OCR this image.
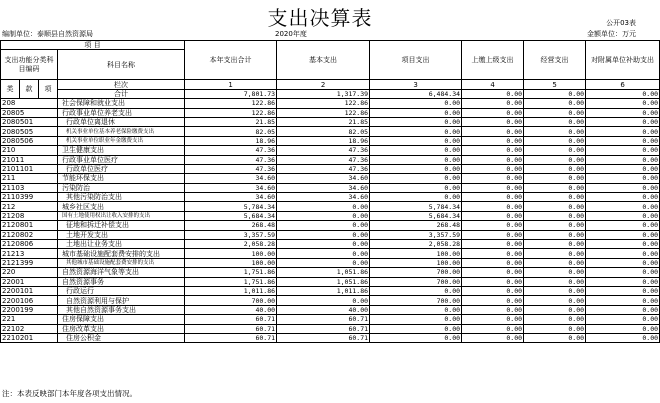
支出决算表	公开03表
编制单位：泰顺县自然资源局	2020年度	金额单位：万元
项 目				本年支出合计	基本支出	项目支出	上缴上级支出	经营支出	对附属单位补助支出
支出功能分类科目编码			科目名称						

类	款	项	栏次	1	2	3	4	5	6
			合计	7,801.73	1,317.39	6,484.34	0.00	0.00	0.00
208			社会保障和就业支出	122.86	122.86	0.00	0.00	0.00	0.00
20805			行政事业单位养老支出	122.86	122.86	0.00	0.00	0.00	0.00
2080501			行政单位离退休	21.85	21.85	0.00	0.00	0.00	0.00
2080505			机关事业单位基本养老保险缴费支出	82.05	82.05	0.00	0.00	0.00	0.00
2080506			机关事业单位职业年金缴费支出	18.96	18.96	0.00	0.00	0.00	0.00
210			卫生健康支出	47.36	47.36	0.00	0.00	0.00	0.00
21011			行政事业单位医疗	47.36	47.36	0.00	0.00	0.00	0.00
2101101			行政单位医疗	47.36	47.36	0.00	0.00	0.00	0.00
211			节能环保支出	34.60	34.60	0.00	0.00	0.00	0.00
21103			污染防治	34.60	34.60	0.00	0.00	0.00	0.00
2110399			其他污染防治支出	34.60	34.60	0.00	0.00	0.00	0.00
212			城乡社区支出	5,784.34	0.00	5,784.34	0.00	0.00	0.00
21208			国有土地使用权出让收入安排的支出	5,684.34	0.00	5,684.34	0.00	0.00	0.00
2120801			征地和拆迁补偿支出	268.48	0.00	268.48	0.00	0.00	0.00
2120802			土地开发支出	3,357.59	0.00	3,357.59	0.00	0.00	0.00
2120806			土地出让业务支出	2,058.28	0.00	2,058.28	0.00	0.00	0.00
21213			城市基础设施配套费安排的支出	100.00	0.00	100.00	0.00	0.00	0.00
2121399			其他城市基础设施配套费安排的支出	100.00	0.00	100.00	0.00	0.00	0.00
220			自然资源海洋气象等支出	1,751.86	1,051.86	700.00	0.00	0.00	0.00
22001			自然资源事务	1,751.86	1,051.86	700.00	0.00	0.00	0.00
2200101			行政运行	1,011.86	1,011.86	0.00	0.00	0.00	0.00
2200106			自然资源利用与保护	700.00	0.00	700.00	0.00	0.00	0.00
2200199			其他自然资源事务支出	40.00	40.00	0.00	0.00	0.00	0.00
221			住房保障支出	60.71	60.71	0.00	0.00	0.00	0.00
22102			住房改革支出	60.71	60.71	0.00	0.00	0.00	0.00
2210201			住房公积金	60.71	60.71	0.00	0.00	0.00	0.00
注：本表反映部门本年度各项支出情况。
